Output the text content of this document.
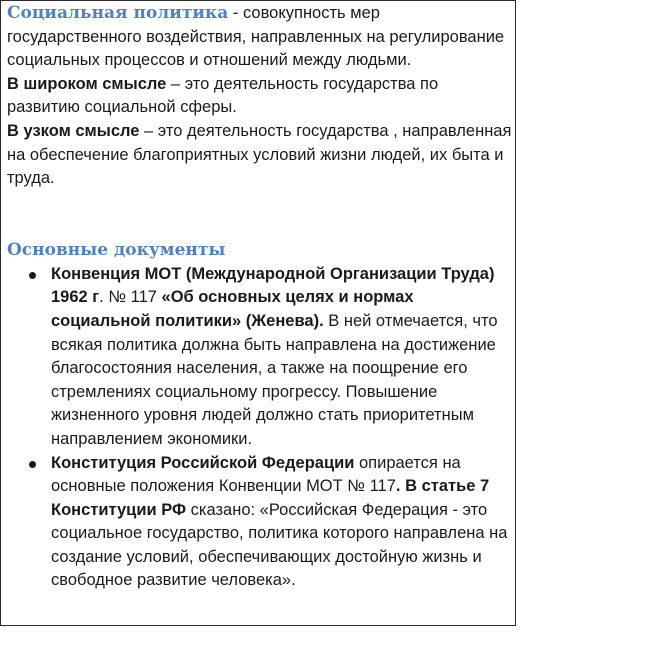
Социальная политика - совокупность мер государственного воздействия, направленных на регулирование социальных процессов и отношений между людьми.

В широком смысле – это деятельность государства по развитию социальной сферы.

В узком смысле – это деятельность государства , направленная на обеспечение благоприятных условий жизни людей, их быта и труда.

Основные документы

Конвенция МОТ (Международной Организации Труда) 1962 г. № 117 «Об основных целях и нормах социальной политики» (Женева). В ней отмечается, что всякая политика должна быть направлена на достижение благосостояния населения, а также на поощрение его стремлениях социальному прогрессу. Повышение жизненного уровня людей должно стать приоритетным направлением экономики.
Конституция Российской Федерации опирается на основные положения Конвенции МОТ № 117. В статье 7 Конституции РФ сказано: «Российская Федерация - это социальное государство, политика которого направлена на создание условий, обеспечивающих достойную жизнь и свободное развитие человека».
